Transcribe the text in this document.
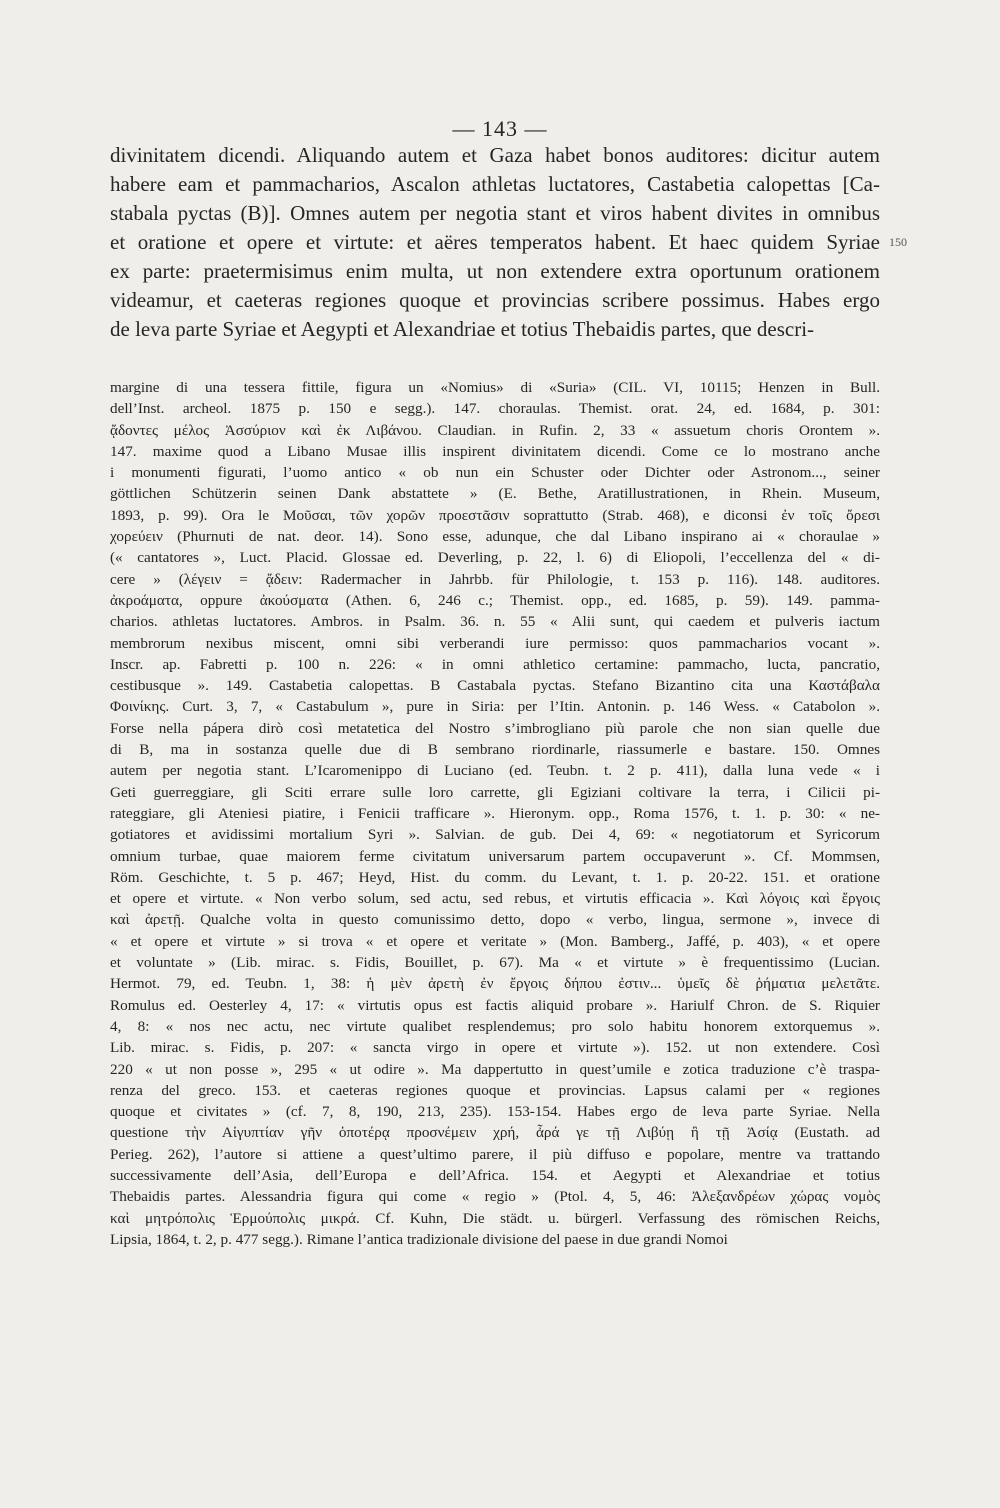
— 143 —
divinitatem dicendi. Aliquando autem et Gaza habet bonos auditores: dicitur autem
habere eam et pammacharios, Ascalon athletas luctatores, Castabetia calopettas [Ca-
stabala pyctas (B)]. Omnes autem per negotia stant et viros habent divites in omnibus
et oratione et opere et virtute: et aëres temperatos habent. Et haec quidem Syriae
ex parte: praetermisimus enim multa, ut non extendere extra oportunum orationem
videamur, et caeteras regiones quoque et provincias scribere possimus. Habes ergo
de leva parte Syriae et Aegypti et Alexandriae et totius Thebaidis partes, que descri-
150
margine di una tessera fittile, figura un «Nomius» di «Suria» (CIL. VI, 10115; Henzen in Bull.
dell’Inst. archeol. 1875 p. 150 e segg.). 147. choraulas. Themist. orat. 24, ed. 1684, p. 301:
ᾄδοντες μέλος Ἀσσύριον καὶ ἐκ Λιβάνου. Claudian. in Rufin. 2, 33 « assuetum choris Orontem ».
147. maxime quod a Libano Musae illis inspirent divinitatem dicendi. Come ce lo mostrano anche
i monumenti figurati, l’uomo antico « ob nun ein Schuster oder Dichter oder Astronom..., seiner
göttlichen Schützerin seinen Dank abstattete » (E. Bethe, Aratillustrationen, in Rhein. Museum,
1893, p. 99). Ora le Μοῦσαι, τῶν χορῶν προεστᾶσιν soprattutto (Strab. 468), e diconsi ἐν τοῖς ὄρεσι
χορεύειν (Phurnuti de nat. deor. 14). Sono esse, adunque, che dal Libano inspirano ai « choraulae »
(« cantatores », Luct. Placid. Glossae ed. Deverling, p. 22, l. 6) di Eliopoli, l’eccellenza del « di-
cere » (λέγειν = ᾄδειν: Radermacher in Jahrbb. für Philologie, t. 153 p. 116). 148. auditores.
ἀκροάματα, oppure ἀκούσματα (Athen. 6, 246 c.; Themist. opp., ed. 1685, p. 59). 149. pamma-
charios. athletas luctatores. Ambros. in Psalm. 36. n. 55 « Alii sunt, qui caedem et pulveris iactum
membrorum nexibus miscent, omni sibi verberandi iure permisso: quos pammacharios vocant ».
Inscr. ap. Fabretti p. 100 n. 226: « in omni athletico certamine: pammacho, lucta, pancratio,
cestibusque ». 149. Castabetia calopettas. B Castabala pyctas. Stefano Bizantino cita una Καστάβαλα
Φοινίκης. Curt. 3, 7, « Castabulum », pure in Siria: per l’Itin. Antonin. p. 146 Wess. « Catabolon ».
Forse nella pápera dirò così metatetica del Nostro s’imbrogliano più parole che non sian quelle due
di B, ma in sostanza quelle due di B sembrano riordinarle, riassumerle e bastare. 150. Omnes
autem per negotia stant. L’Icaromenippo di Luciano (ed. Teubn. t. 2 p. 411), dalla luna vede « i
Geti guerreggiare, gli Sciti errare sulle loro carrette, gli Egiziani coltivare la terra, i Cilicii pi-
rateggiare, gli Ateniesi piatire, i Fenicii trafficare ». Hieronym. opp., Roma 1576, t. 1. p. 30: « ne-
gotiatores et avidissimi mortalium Syri ». Salvian. de gub. Dei 4, 69: « negotiatorum et Syricorum
omnium turbae, quae maiorem ferme civitatum universarum partem occupaverunt ». Cf. Mommsen,
Röm. Geschichte, t. 5 p. 467; Heyd, Hist. du comm. du Levant, t. 1. p. 20-22. 151. et oratione
et opere et virtute. « Non verbo solum, sed actu, sed rebus, et virtutis efficacia ». Καὶ λόγοις καὶ ἔργοις
καὶ ἀρετῇ. Qualche volta in questo comunissimo detto, dopo « verbo, lingua, sermone », invece di
« et opere et virtute » si trova « et opere et veritate » (Mon. Bamberg., Jaffé, p. 403), « et opere
et voluntate » (Lib. mirac. s. Fidis, Bouillet, p. 67). Ma « et virtute » è frequentissimo (Lucian.
Hermot. 79, ed. Teubn. 1, 38: ἡ μὲν ἀρετὴ ἐν ἔργοις δήπου ἐστιν... ὑμεῖς δὲ ῥήματια μελετᾶτε.
Romulus ed. Oesterley 4, 17: « virtutis opus est factis aliquid probare ». Hariulf Chron. de S. Riquier
4, 8: « nos nec actu, nec virtute qualibet resplendemus; pro solo habitu honorem extorquemus ».
Lib. mirac. s. Fidis, p. 207: « sancta virgo in opere et virtute »). 152. ut non extendere. Così
220 « ut non posse », 295 « ut odire ». Ma dappertutto in quest’umile e zotica traduzione c’è traspa-
renza del greco. 153. et caeteras regiones quoque et provincias. Lapsus calami per « regiones
quoque et civitates » (cf. 7, 8, 190, 213, 235). 153-154. Habes ergo de leva parte Syriae. Nella
questione τὴν Αἰγυπτίαν γῆν ὁποτέρᾳ προσνέμειν χρή, ἆρά γε τῇ Λιβύῃ ἢ τῇ Ἀσίᾳ (Eustath. ad
Perieg. 262), l’autore si attiene a quest’ultimo parere, il più diffuso e popolare, mentre va trattando
successivamente dell’Asia, dell’Europa e dell’Africa. 154. et Aegypti et Alexandriae et totius
Thebaidis partes. Alessandria figura qui come « regio » (Ptol. 4, 5, 46: Ἀλεξανδρέων χώρας νομὸς
καὶ μητρόπολις Ἑρμούπολις μικρά. Cf. Kuhn, Die städt. u. bürgerl. Verfassung des römischen Reichs,
Lipsia, 1864, t. 2, p. 477 segg.). Rimane l’antica tradizionale divisione del paese in due grandi Nomoi
